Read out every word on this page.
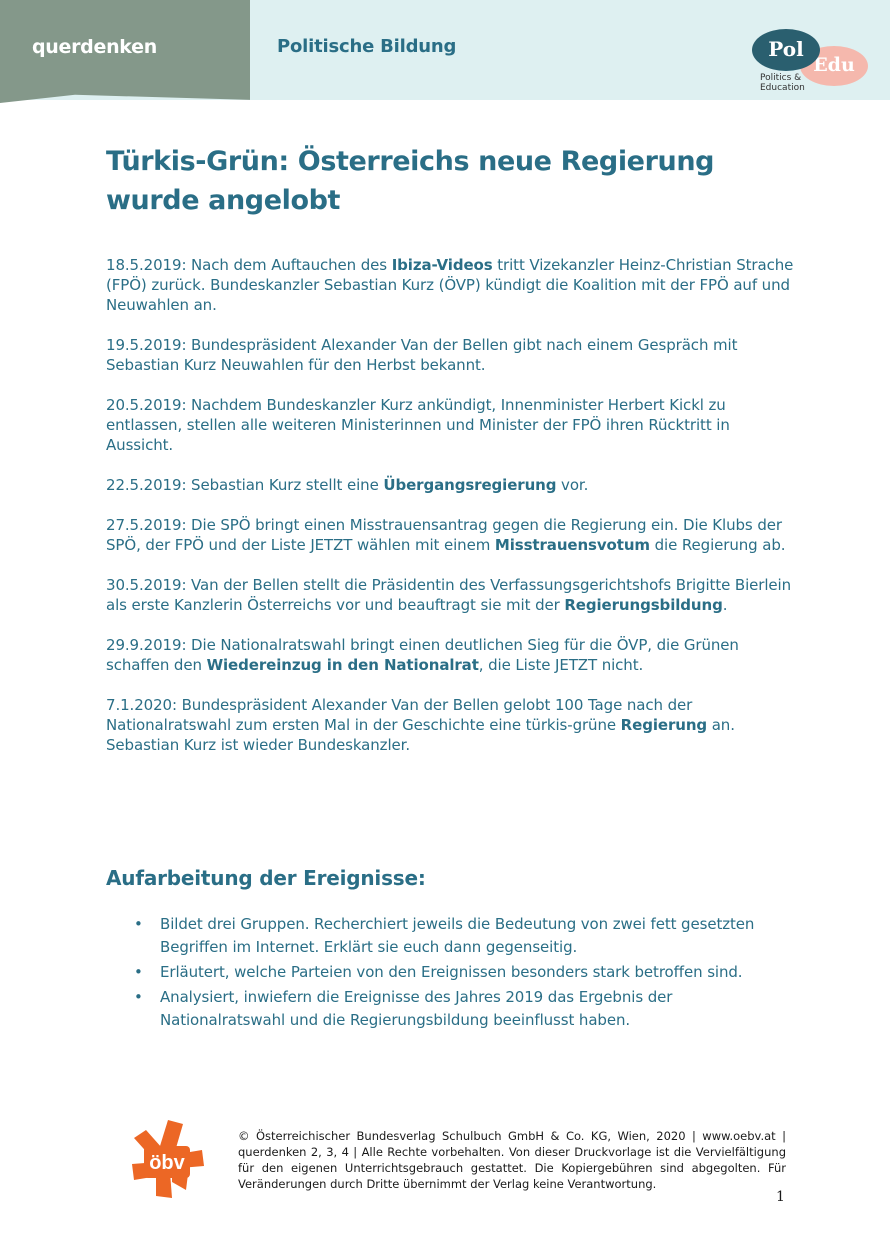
querdenken	Politische Bildung
Edu
Pol
Politics &
Education
Türkis-Grün: Österreichs neue Regierung wurde angelobt

18.5.2019: Nach dem Auftauchen des Ibiza-Videos tritt Vizekanzler Heinz-Christian Strache (FPÖ) zurück. Bundeskanzler Sebastian Kurz (ÖVP) kündigt die Koalition mit der FPÖ auf und Neuwahlen an.

19.5.2019: Bundespräsident Alexander Van der Bellen gibt nach einem Gespräch mit Sebastian Kurz Neuwahlen für den Herbst bekannt.

20.5.2019: Nachdem Bundeskanzler Kurz ankündigt, Innenminister Herbert Kickl zu entlassen, stellen alle weiteren Ministerinnen und Minister der FPÖ ihren Rücktritt in Aussicht.

22.5.2019: Sebastian Kurz stellt eine Übergangsregierung vor.

27.5.2019: Die SPÖ bringt einen Misstrauensantrag gegen die Regierung ein. Die Klubs der SPÖ, der FPÖ und der Liste JETZT wählen mit einem Misstrauensvotum die Regierung ab.

30.5.2019: Van der Bellen stellt die Präsidentin des Verfassungsgerichtshofs Brigitte Bierlein als erste Kanzlerin Österreichs vor und beauftragt sie mit der Regierungsbildung.

29.9.2019: Die Nationalratswahl bringt einen deutlichen Sieg für die ÖVP, die Grünen schaffen den Wiedereinzug in den Nationalrat, die Liste JETZT nicht.

7.1.2020: Bundespräsident Alexander Van der Bellen gelobt 100 Tage nach der Nationalratswahl zum ersten Mal in der Geschichte eine türkis-grüne Regierung an. Sebastian Kurz ist wieder Bundeskanzler.

Aufarbeitung der Ereignisse:
• Bildet drei Gruppen. Recherchiert jeweils die Bedeutung von zwei fett gesetzten Begriffen im Internet. Erklärt sie euch dann gegenseitig.
• Erläutert, welche Parteien von den Ereignissen besonders stark betroffen sind.
• Analysiert, inwiefern die Ereignisse des Jahres 2019 das Ergebnis der Nationalratswahl und die Regierungsbildung beeinflusst haben.
öbv

© Österreichischer Bundesverlag Schulbuch GmbH & Co. KG, Wien, 2020 | www.oebv.at | querdenken 2, 3, 4 | Alle Rechte vorbehalten. Von dieser Druckvorlage ist die Vervielfältigung für den eigenen Unterrichtsgebrauch gestattet. Die Kopiergebühren sind abgegolten. Für Veränderungen durch Dritte übernimmt der Verlag keine Verantwortung.

1
